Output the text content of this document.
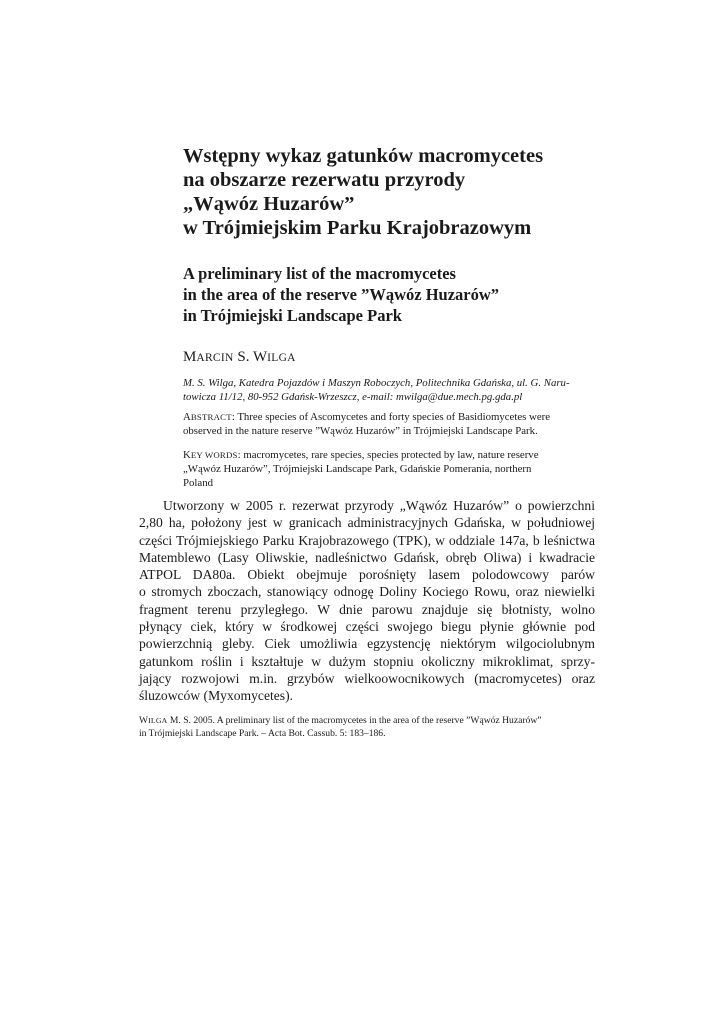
Wstępny wykaz gatunków macromycetes
na obszarze rezerwatu przyrody
„Wąwóz Huzarów”
w Trójmiejskim Parku Krajobrazowym
A preliminary list of the macromycetes
in the area of the reserve ”Wąwóz Huzarów”
in Trójmiejski Landscape Park
MARCIN S. WILGA
M. S. Wilga, Katedra Pojazdów i Maszyn Roboczych, Politechnika Gdańska, ul. G. Naru-
towicza 11/12, 80-952 Gdańsk-Wrzeszcz, e-mail: mwilga@due.mech.pg.gda.pl
ABSTRACT: Three species of Ascomycetes and forty species of Basidiomycetes were
observed in the nature reserve ”Wąwóz Huzarów” in Trójmiejski Landscape Park.
KEY WORDS: macromycetes, rare species, species protected by law, nature reserve
„Wąwóz Huzarów”, Trójmiejski Landscape Park, Gdańskie Pomerania, northern
Poland
Utworzony w 2005 r. rezerwat przyrody „Wąwóz Huzarów” o powierzchni
2,80 ha, położony jest w granicach administracyjnych Gdańska, w południowej
części Trójmiejskiego Parku Krajobrazowego (TPK), w oddziale 147a, b leśnictwa
Matemblewo (Lasy Oliwskie, nadleśnictwo Gdańsk, obręb Oliwa) i kwadracie
ATPOL DA80a. Obiekt obejmuje porośnięty lasem polodowcowy parów
o stromych zboczach, stanowiący odnogę Doliny Kociego Rowu, oraz niewielki
fragment terenu przyległego. W dnie parowu znajduje się błotnisty, wolno
płynący ciek, który w środkowej części swojego biegu płynie głównie pod
powierzchnią gleby. Ciek umożliwia egzystencję niektórym wilgociolubnym
gatunkom roślin i kształtuje w dużym stopniu okoliczny mikroklimat, sprzy-
jający rozwojowi m.in. grzybów wielkoowocnikowych (macromycetes) oraz
śluzowców (Myxomycetes).
WILGA M. S. 2005. A preliminary list of the macromycetes in the area of the reserve ”Wąwóz Huzarów”
in Trójmiejski Landscape Park. – Acta Bot. Cassub. 5: 183–186.
